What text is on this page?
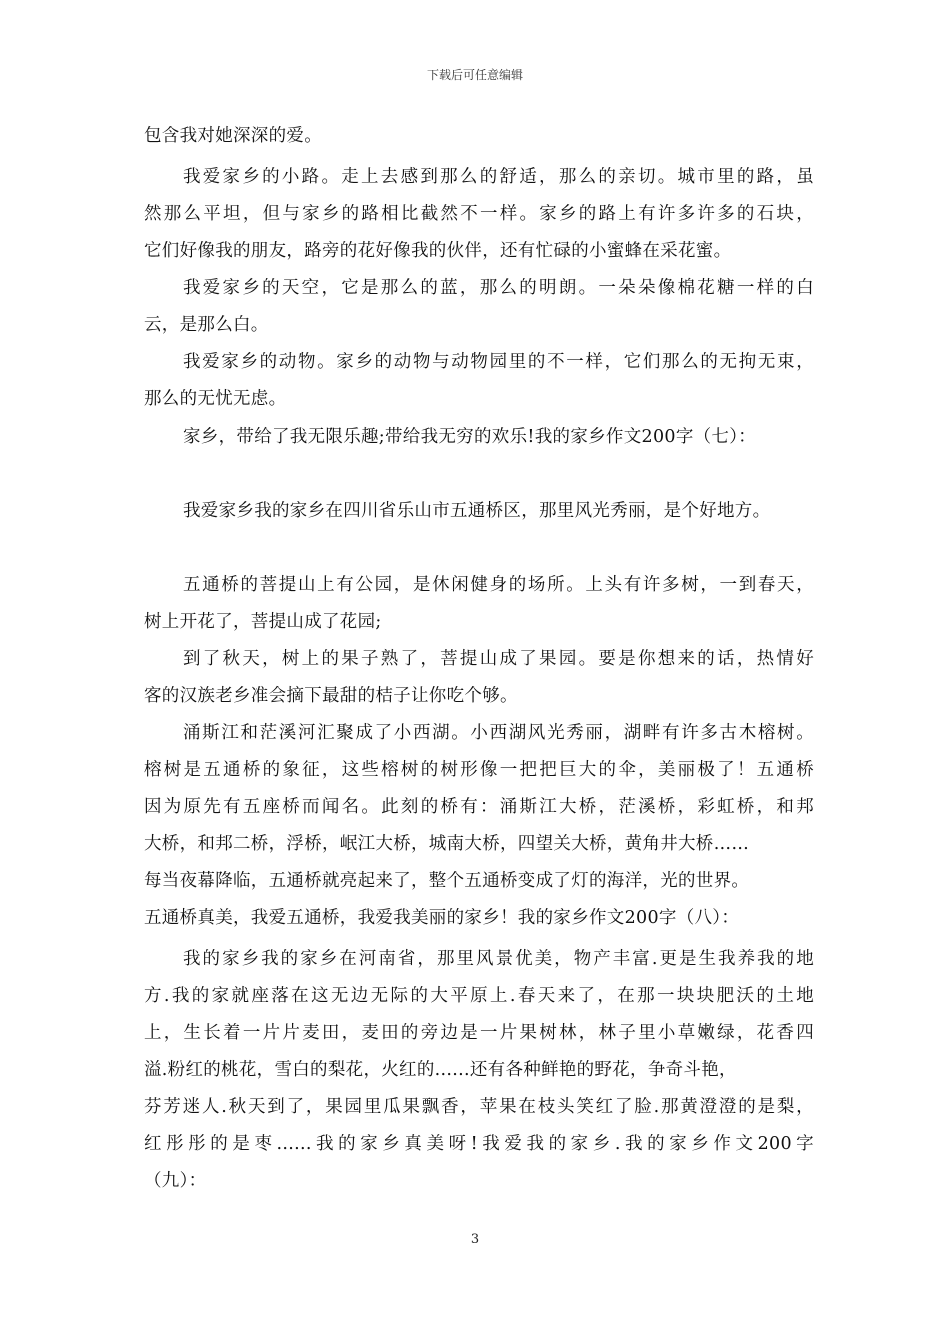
下载后可任意编辑
包含我对她深深的爱。
我爱家乡的小路。走上去感到那么的舒适，那么的亲切。城市里的路，虽
然那么平坦，但与家乡的路相比截然不一样。家乡的路上有许多许多的石块，
它们好像我的朋友，路旁的花好像我的伙伴，还有忙碌的小蜜蜂在采花蜜。
我爱家乡的天空，它是那么的蓝，那么的明朗。一朵朵像棉花糖一样的白
云，是那么白。
我爱家乡的动物。家乡的动物与动物园里的不一样，它们那么的无拘无束，
那么的无忧无虑。
家乡，带给了我无限乐趣;带给我无穷的欢乐!我的家乡作文200字（七）：
我爱家乡我的家乡在四川省乐山市五通桥区，那里风光秀丽，是个好地方。
五通桥的菩提山上有公园，是休闲健身的场所。上头有许多树，一到春天，
树上开花了，菩提山成了花园;
到了秋天，树上的果子熟了，菩提山成了果园。要是你想来的话，热情好
客的汉族老乡准会摘下最甜的桔子让你吃个够。
涌斯江和茫溪河汇聚成了小西湖。小西湖风光秀丽，湖畔有许多古木榕树。
榕树是五通桥的象征，这些榕树的树形像一把把巨大的伞，美丽极了！五通桥
因为原先有五座桥而闻名。此刻的桥有：涌斯江大桥，茫溪桥，彩虹桥，和邦
大桥，和邦二桥，浮桥，岷江大桥，城南大桥，四望关大桥，黄角井大桥……
每当夜幕降临，五通桥就亮起来了，整个五通桥变成了灯的海洋，光的世界。
五通桥真美，我爱五通桥，我爱我美丽的家乡！我的家乡作文200字（八）：
我的家乡我的家乡在河南省，那里风景优美，物产丰富.更是生我养我的地
方.我的家就座落在这无边无际的大平原上.春天来了，在那一块块肥沃的土地
上，生长着一片片麦田，麦田的旁边是一片果树林，林子里小草嫩绿，花香四
溢.粉红的桃花，雪白的梨花，火红的......还有各种鲜艳的野花，争奇斗艳，
芬芳迷人.秋天到了，果园里瓜果飘香，苹果在枝头笑红了脸.那黄澄澄的是梨，
红彤彤的是枣......我的家乡真美呀!我爱我的家乡.我的家乡作文200字
（九）：
3
